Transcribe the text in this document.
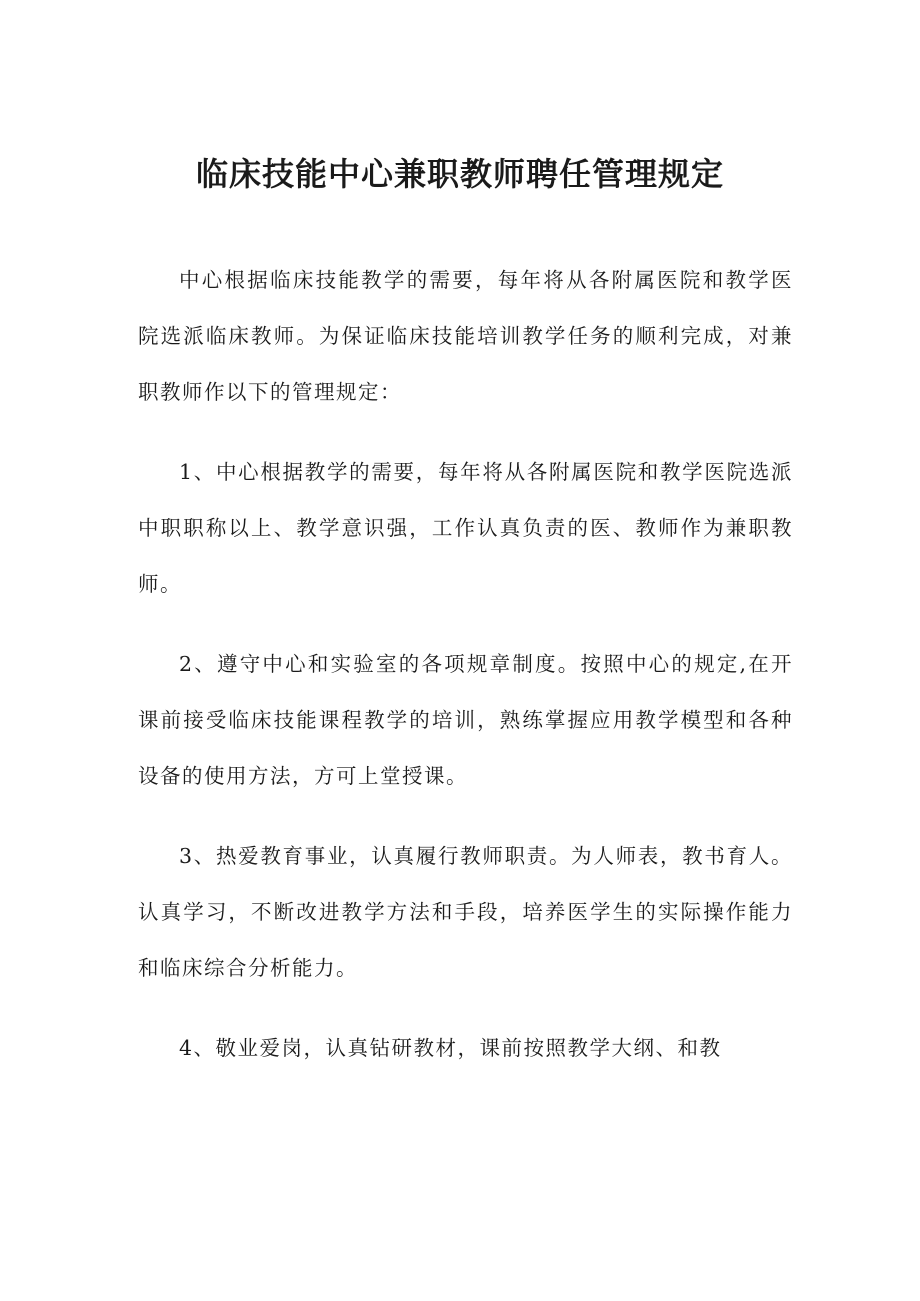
临床技能中心兼职教师聘任管理规定

中心根据临床技能教学的需要，每年将从各附属医院和教学医院选派临床教师。为保证临床技能培训教学任务的顺利完成，对兼职教师作以下的管理规定：

1、中心根据教学的需要，每年将从各附属医院和教学医院选派中职职称以上、教学意识强，工作认真负责的医、教师作为兼职教师。

2、遵守中心和实验室的各项规章制度。按照中心的规定,在开课前接受临床技能课程教学的培训，熟练掌握应用教学模型和各种设备的使用方法，方可上堂授课。

3、热爱教育事业，认真履行教师职责。为人师表，教书育人。认真学习，不断改进教学方法和手段，培养医学生的实际操作能力和临床综合分析能力。

4、敬业爱岗，认真钻研教材，课前按照教学大纲、和教
